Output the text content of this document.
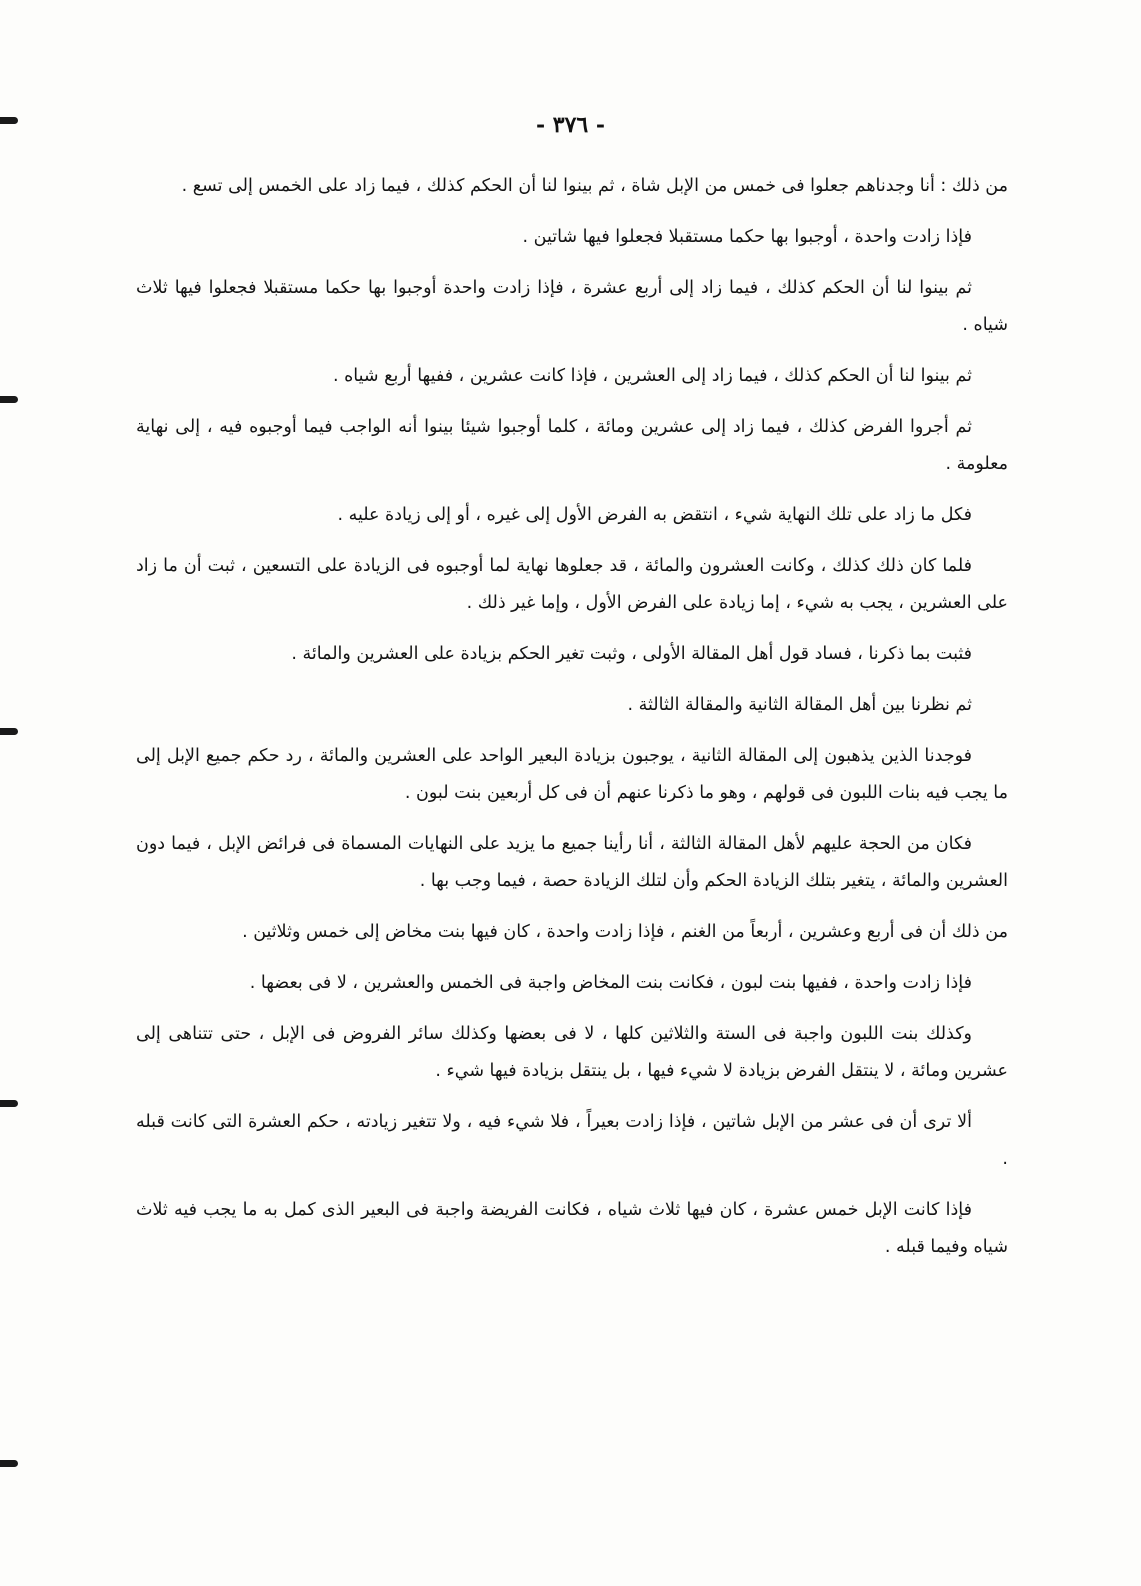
- ٣٧٦ -

من ذلك : أنا وجدناهم جعلوا فى خمس من الإبل شاة ، ثم بينوا لنا أن الحكم كذلك ، فيما زاد على الخمس إلى تسع .

فإذا زادت واحدة ، أوجبوا بها حكما مستقبلا فجعلوا فيها شاتين .

ثم بينوا لنا أن الحكم كذلك ، فيما زاد إلى أربع عشرة ، فإذا زادت واحدة أوجبوا بها حكما مستقبلا فجعلوا فيها ثلاث شياه .

ثم بينوا لنا أن الحكم كذلك ، فيما زاد إلى العشرين ، فإذا كانت عشرين ، ففيها أربع شياه .

ثم أجروا الفرض كذلك ، فيما زاد إلى عشرين ومائة ، كلما أوجبوا شيئا بينوا أنه الواجب فيما أوجبوه فيه ، إلى نهاية معلومة .

فكل ما زاد على تلك النهاية شيء ، انتقض به الفرض الأول إلى غيره ، أو إلى زيادة عليه .

فلما كان ذلك كذلك ، وكانت العشرون والمائة ، قد جعلوها نهاية لما أوجبوه فى الزيادة على التسعين ، ثبت أن ما زاد على العشرين ، يجب به شيء ، إما زيادة على الفرض الأول ، وإما غير ذلك .

فثبت بما ذكرنا ، فساد قول أهل المقالة الأولى ، وثبت تغير الحكم بزيادة على العشرين والمائة .

ثم نظرنا بين أهل المقالة الثانية والمقالة الثالثة .

فوجدنا الذين يذهبون إلى المقالة الثانية ، يوجبون بزيادة البعير الواحد على العشرين والمائة ، رد حكم جميع الإبل إلى ما يجب فيه بنات اللبون فى قولهم ، وهو ما ذكرنا عنهم أن فى كل أربعين بنت لبون .

فكان من الحجة عليهم لأهل المقالة الثالثة ، أنا رأينا جميع ما يزيد على النهايات المسماة فى فرائض الإبل ، فيما دون العشرين والمائة ، يتغير بتلك الزيادة الحكم وأن لتلك الزيادة حصة ، فيما وجب بها .

من ذلك أن فى أربع وعشرين ، أربعاً من الغنم ، فإذا زادت واحدة ، كان فيها بنت مخاض إلى خمس وثلاثين .

فإذا زادت واحدة ، ففيها بنت لبون ، فكانت بنت المخاض واجبة فى الخمس والعشرين ، لا فى بعضها .

وكذلك بنت اللبون واجبة فى الستة والثلاثين كلها ، لا فى بعضها وكذلك سائر الفروض فى الإبل ، حتى تتناهى إلى عشرين ومائة ، لا ينتقل الفرض بزيادة لا شيء فيها ، بل ينتقل بزيادة فيها شيء .

ألا ترى أن فى عشر من الإبل شاتين ، فإذا زادت بعيراً ، فلا شيء فيه ، ولا تتغير زيادته ، حكم العشرة التى كانت قبله .

فإذا كانت الإبل خمس عشرة ، كان فيها ثلاث شياه ، فكانت الفريضة واجبة فى البعير الذى كمل به ما يجب فيه ثلاث شياه وفيما قبله .
